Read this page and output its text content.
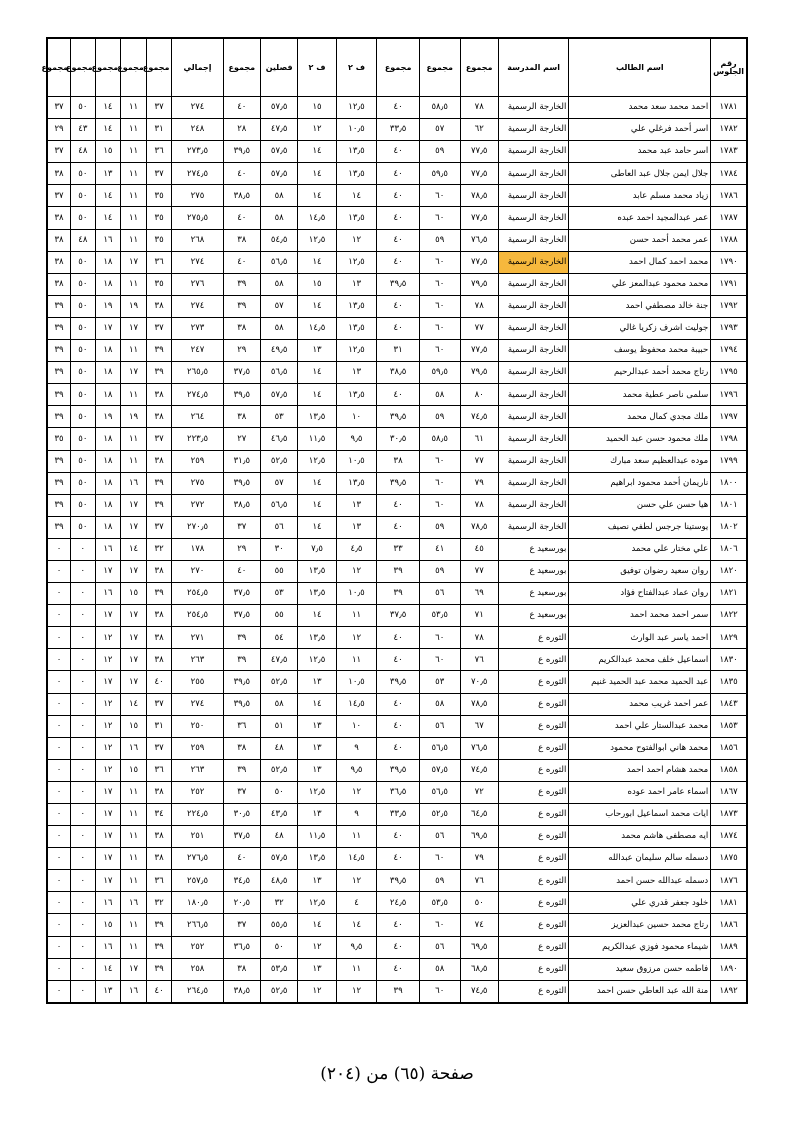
رقم الجلوس	اسم الطالب	اسم المدرسة	مجموع	مجموع	مجموع	ف ٢	ف ٢	فصلين	مجموع	إجمالي	مجموع	مجموع	مجموع	مجموع	مجموع
١٧٨١	احمد محمد سعد محمد	الخارجة الرسمية	٧٨	٥٨٫٥	٤٠	١٢٫٥	١٥	٥٧٫٥	٤٠	٢٧٤	٣٧	١١	١٤	٥٠	٣٧
١٧٨٢	اسر أحمد فرغلي علي	الخارجة الرسمية	٦٢	٥٧	٣٣٫٥	١٠٫٥	١٢	٤٧٫٥	٢٨	٢٤٨	٣١	١١	١٤	٤٣	٢٩
١٧٨٣	اسر حامد عبد محمد	الخارجة الرسمية	٧٧٫٥	٥٩	٤٠	١٣٫٥	١٤	٥٧٫٥	٣٩٫٥	٢٧٣٫٥	٣٦	١١	١٥	٤٨	٣٧
١٧٨٤	جلال ايمن جلال عبد العاطى	الخارجة الرسمية	٧٧٫٥	٥٩٫٥	٤٠	١٣٫٥	١٤	٥٧٫٥	٤٠	٢٧٤٫٥	٣٧	١١	١٣	٥٠	٣٨
١٧٨٦	زياد محمد مسلم عابد	الخارجة الرسمية	٧٨٫٥	٦٠	٤٠	١٤	١٤	٥٨	٣٨٫٥	٢٧٥	٣٥	١١	١٤	٥٠	٣٧
١٧٨٧	عمر عبدالمجيد احمد عبده	الخارجة الرسمية	٧٧٫٥	٦٠	٤٠	١٣٫٥	١٤٫٥	٥٨	٤٠	٢٧٥٫٥	٣٥	١١	١٤	٥٠	٣٨
١٧٨٨	عمر محمد أحمد حسن	الخارجة الرسمية	٧٦٫٥	٥٩	٤٠	١٢	١٢٫٥	٥٤٫٥	٣٨	٢٦٨	٣٥	١١	١٦	٤٨	٣٨
١٧٩٠	محمد احمد كمال احمد	الخارجة الرسمية	٧٧٫٥	٦٠	٤٠	١٢٫٥	١٤	٥٦٫٥	٤٠	٢٧٤	٣٦	١٧	١٨	٥٠	٣٨
١٧٩١	محمد محمود عبدالمعز علي	الخارجة الرسمية	٧٩٫٥	٦٠	٣٩٫٥	١٣	١٥	٥٨	٣٩	٢٧٦	٣٥	١١	١٨	٥٠	٣٨
١٧٩٢	جنة خالد مصطفي احمد	الخارجة الرسمية	٧٨	٦٠	٤٠	١٣٫٥	١٤	٥٧	٣٩	٢٧٤	٣٨	١٩	١٩	٥٠	٣٩
١٧٩٣	جوليت اشرف زكريا غالي	الخارجة الرسمية	٧٧	٦٠	٤٠	١٣٫٥	١٤٫٥	٥٨	٣٨	٢٧٣	٣٧	١٧	١٧	٥٠	٣٩
١٧٩٤	حبيبة محمد محفوظ يوسف	الخارجة الرسمية	٧٧٫٥	٦٠	٣١	١٢٫٥	١٣	٤٩٫٥	٢٩	٢٤٧	٣٩	١١	١٨	٥٠	٣٩
١٧٩٥	رتاج محمد أحمد عبدالرحيم	الخارجة الرسمية	٧٩٫٥	٥٩٫٥	٣٨٫٥	١٣	١٤	٥٦٫٥	٣٧٫٥	٢٦٥٫٥	٣٩	١٧	١٨	٥٠	٣٩
١٧٩٦	سلمى ناصر عطية محمد	الخارجة الرسمية	٨٠	٥٨	٤٠	١٣٫٥	١٤	٥٧٫٥	٣٩٫٥	٢٧٤٫٥	٣٨	١١	١٨	٥٠	٣٩
١٧٩٧	ملك مجدي كمال محمد	الخارجة الرسمية	٧٤٫٥	٥٩	٣٩٫٥	١٠	١٣٫٥	٥٣	٣٨	٢٦٤	٣٨	١٩	١٩	٥٠	٣٩
١٧٩٨	ملك محمود حسن عبد الحميد	الخارجة الرسمية	٦١	٥٨٫٥	٣٠٫٥	٩٫٥	١١٫٥	٤٦٫٥	٢٧	٢٢٣٫٥	٣٧	١١	١٨	٥٠	٣٥
١٧٩٩	موده عبدالعظيم سعد مبارك	الخارجة الرسمية	٧٧	٦٠	٣٨	١٠٫٥	١٢٫٥	٥٢٫٥	٣١٫٥	٢٥٩	٣٨	١١	١٨	٥٠	٣٩
١٨٠٠	ناريمان أحمد محمود ابراهيم	الخارجة الرسمية	٧٩	٦٠	٣٩٫٥	١٣٫٥	١٤	٥٧	٣٩٫٥	٢٧٥	٣٩	١٦	١٨	٥٠	٣٩
١٨٠١	هيا حسن علي حسن	الخارجة الرسمية	٧٨	٦٠	٤٠	١٣	١٤	٥٦٫٥	٣٨٫٥	٢٧٢	٣٩	١٧	١٨	٥٠	٣٩
١٨٠٢	يوستينا جرجس لطفي نصيف	الخارجة الرسمية	٧٨٫٥	٥٩	٤٠	١٣	١٤	٥٦	٣٧	٢٧٠٫٥	٣٧	١٧	١٨	٥٠	٣٩
١٨٠٦	علي مختار علي محمد	بورسعيد ع	٤٥	٤١	٣٣	٤٫٥	٧٫٥	٣٠	٢٩	١٧٨	٣٢	١٤	١٦	٠	٠
١٨٢٠	روان سعيد رضوان توفيق	بورسعيد ع	٧٧	٥٩	٣٩	١٢	١٣٫٥	٥٥	٤٠	٢٧٠	٣٨	١٧	١٧	٠	٠
١٨٢١	روان عماد عبدالفتاح فؤاد	بورسعيد ع	٦٩	٥٦	٣٩	١٠٫٥	١٣٫٥	٥٣	٣٧٫٥	٢٥٤٫٥	٣٩	١٥	١٦	٠	٠
١٨٢٢	سمر احمد محمد احمد	بورسعيد ع	٧١	٥٣٫٥	٣٧٫٥	١١	١٤	٥٥	٣٧٫٥	٢٥٤٫٥	٣٨	١٧	١٧	٠	٠
١٨٢٩	احمد ياسر عبد الوارث	الثوره ع	٧٨	٦٠	٤٠	١٢	١٣٫٥	٥٤	٣٩	٢٧١	٣٨	١٧	١٢	٠	٠
١٨٣٠	اسماعيل خلف محمد عبدالكريم	الثوره ع	٧٦	٦٠	٤٠	١١	١٢٫٥	٤٧٫٥	٣٩	٢٦٣	٣٨	١٧	١٢	٠	٠
١٨٣٥	عبد الحميد محمد عبد الحميد غنيم	الثوره ع	٧٠٫٥	٥٣	٣٩٫٥	١٠٫٥	١٣	٥٢٫٥	٣٩٫٥	٢٥٥	٤٠	١٧	١٧	٠	٠
١٨٤٣	عمر احمد غريب محمد	الثوره ع	٧٨٫٥	٥٨	٤٠	١٤٫٥	١٤	٥٨	٣٩٫٥	٢٧٤	٣٧	١٤	١٢	٠	٠
١٨٥٣	محمد عبدالستار علي احمد	الثوره ع	٦٧	٥٦	٤٠	١٠	١٣	٥١	٣٦	٢٥٠	٣١	١٥	١٢	٠	٠
١٨٥٦	محمد هاني ابوالفتوح محمود	الثوره ع	٧٦٫٥	٥٦٫٥	٤٠	٩	١٣	٤٨	٣٨	٢٥٩	٣٧	١٦	١٢	٠	٠
١٨٥٨	محمد هشام احمد احمد	الثوره ع	٧٤٫٥	٥٧٫٥	٣٩٫٥	٩٫٥	١٣	٥٢٫٥	٣٩	٢٦٣	٣٦	١٥	١٢	٠	٠
١٨٦٧	اسماء عامر احمد عوده	الثوره ع	٧٢	٥٦٫٥	٣٦٫٥	١٢	١٢٫٥	٥٠	٣٧	٢٥٢	٣٨	١١	١٧	٠	٠
١٨٧٣	ايات محمد اسماعيل ابورحاب	الثوره ع	٦٤٫٥	٥٢٫٥	٣٣٫٥	٩	١٣	٤٣٫٥	٣٠٫٥	٢٢٤٫٥	٣٤	١١	١٧	٠	٠
١٨٧٤	ايه مصطفى هاشم محمد	الثوره ع	٦٩٫٥	٥٦	٤٠	١١	١١٫٥	٤٨	٣٧٫٥	٢٥١	٣٨	١١	١٧	٠	٠
١٨٧٥	دسمله سالم سليمان عبدالله	الثوره ع	٧٩	٦٠	٤٠	١٤٫٥	١٣٫٥	٥٧٫٥	٤٠	٢٧٦٫٥	٣٨	١١	١٧	٠	٠
١٨٧٦	دسمله عبدالله حسن احمد	الثوره ع	٧٦	٥٩	٣٩٫٥	١٢	١٣	٤٨٫٥	٣٤٫٥	٢٥٧٫٥	٣٦	١١	١٧	٠	٠
١٨٨١	خلود جعفر قدري علي	الثوره ع	٥٠	٥٣٫٥	٢٤٫٥	٤	١٢٫٥	٣٢	٢٠٫٥	١٨٠٫٥	٣٢	١٦	١٦	٠	٠
١٨٨٦	رتاج محمد حسين عبدالعزيز	الثوره ع	٧٤	٦٠	٤٠	١٤	١٤	٥٥٫٥	٣٧	٢٦٦٫٥	٣٩	١١	١٥	٠	٠
١٨٨٩	شيماء محمود فوزي عبدالكريم	الثوره ع	٦٩٫٥	٥٦	٤٠	٩٫٥	١٢	٥٠	٣٦٫٥	٢٥٢	٣٩	١١	١٦	٠	٠
١٨٩٠	فاطمه حسن مرزوق سعيد	الثوره ع	٦٨٫٥	٥٨	٤٠	١١	١٣	٥٣٫٥	٣٨	٢٥٨	٣٩	١٧	١٤	٠	٠
١٨٩٢	منة الله عبد العاطي حسن احمد	الثوره ع	٧٤٫٥	٦٠	٣٩	١٢	١٢	٥٢٫٥	٣٨٫٥	٢٦٤٫٥	٤٠	١٦	١٣	٠	٠
صفحة (٦٥) من (٢٠٤)
